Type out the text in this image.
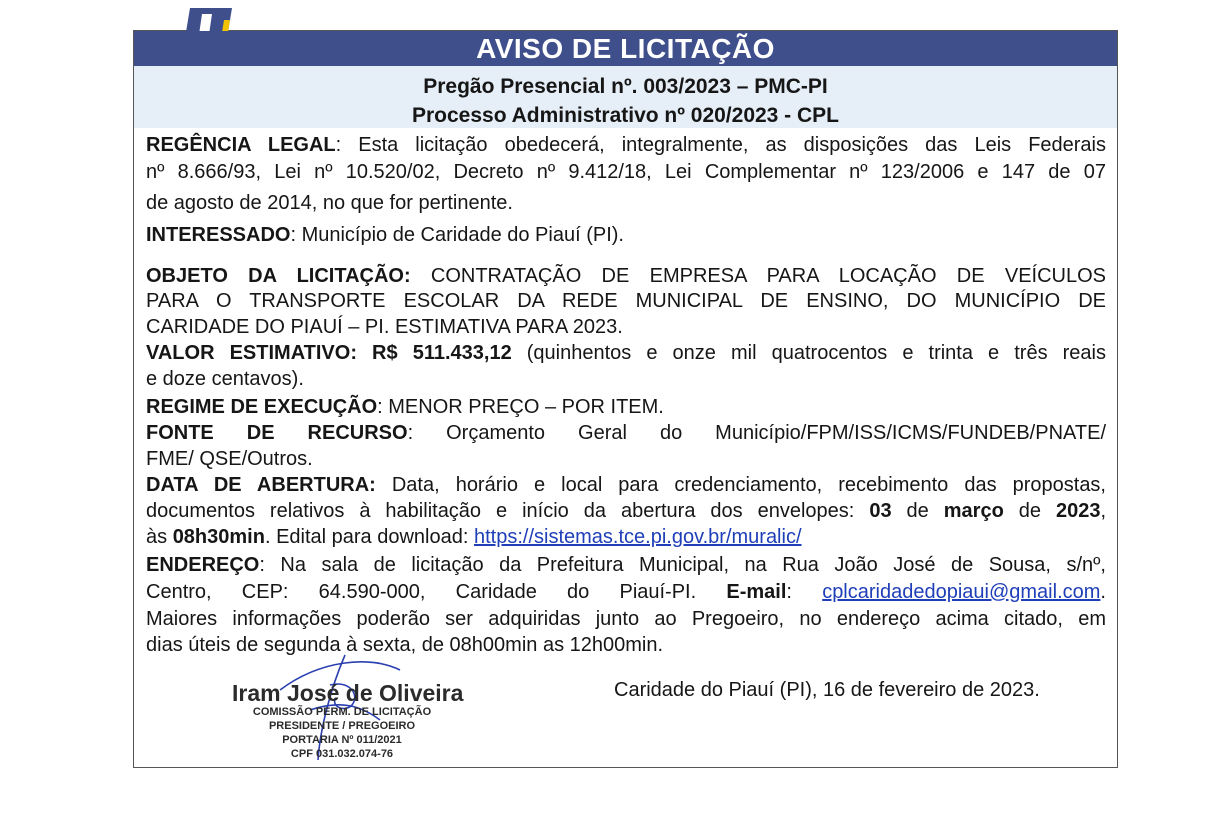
AVISO DE LICITAÇÃO
Pregão Presencial nº. 003/2023 – PMC-PI
Processo Administrativo nº 020/2023 - CPL
REGÊNCIA LEGAL: Esta licitação obedecerá, integralmente, as disposições das Leis Federais
nº 8.666/93, Lei nº 10.520/02, Decreto nº 9.412/18, Lei Complementar nº 123/2006 e 147 de 07
de agosto de 2014, no que for pertinente.
INTERESSADO: Município de Caridade do Piauí (PI).
OBJETO DA LICITAÇÃO: CONTRATAÇÃO DE EMPRESA PARA LOCAÇÃO DE VEÍCULOS
PARA O TRANSPORTE ESCOLAR DA REDE MUNICIPAL DE ENSINO, DO MUNICÍPIO DE
CARIDADE DO PIAUÍ – PI. ESTIMATIVA PARA 2023.
VALOR ESTIMATIVO: R$ 511.433,12 (quinhentos e onze mil quatrocentos e trinta e três reais
e doze centavos).
REGIME DE EXECUÇÃO: MENOR PREÇO – POR ITEM.
FONTE DE RECURSO: Orçamento Geral do Município/FPM/ISS/ICMS/FUNDEB/PNATE/
FME/ QSE/Outros.
DATA DE ABERTURA: Data, horário e local para credenciamento, recebimento das propostas,
documentos relativos à habilitação e início da abertura dos envelopes: 03 de março de 2023,
às 08h30min. Edital para download: https://sistemas.tce.pi.gov.br/muralic/
ENDEREÇO: Na sala de licitação da Prefeitura Municipal, na Rua João José de Sousa, s/nº,
Centro, CEP: 64.590-000, Caridade do Piauí-PI. E-mail: cplcaridadedopiaui@gmail.com.
Maiores informações poderão ser adquiridas junto ao Pregoeiro, no endereço acima citado, em
dias úteis de segunda à sexta, de 08h00min as 12h00min.
Iram José de Oliveira
COMISSÃO PERM. DE LICITAÇÃO
PRESIDENTE / PREGOEIRO
PORTARIA Nº 011/2021
CPF 031.032.074-76
Caridade do Piauí (PI), 16 de fevereiro de 2023.
